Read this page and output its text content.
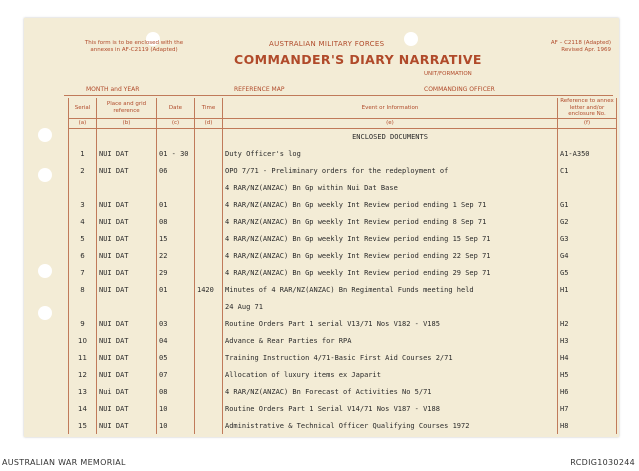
This form is to be enclosed with the annexes in AF-C2119 (Adapted)
AUSTRALIAN MILITARY FORCES
COMMANDER'S DIARY NARRATIVE
UNIT/FORMATION
AF – C2118 (Adapted)
Revised Apr. 1969
MONTH and YEAR	REFERENCE MAP	COMMANDING OFFICER
Serial	Place and grid reference	Date	Time	Event or Information	Reference to annex letter and/or enclosure No.
(a)	(b)	(c)	(d)	(e)	(f)
				ENCLOSED DOCUMENTS	
1	NUI DAT	01 - 30		Duty Officer's log	A1-A350
2	NUI DAT	06		OPO 7/71 - Preliminary orders for the redeployment of	C1
				4 RAR/NZ(ANZAC) Bn Gp within Nui Dat Base	
3	NUI DAT	01		4 RAR/NZ(ANZAC) Bn Gp weekly Int Review period ending 1 Sep 71	G1
4	NUI DAT	08		4 RAR/NZ(ANZAC) Bn Gp weekly Int Review period ending 8 Sep 71	G2
5	NUI DAT	15		4 RAR/NZ(ANZAC) Bn Gp weekly Int Review period ending 15 Sep 71	G3
6	NUI DAT	22		4 RAR/NZ(ANZAC) Bn Gp weekly Int Review period ending 22 Sep 71	G4
7	NUI DAT	29		4 RAR/NZ(ANZAC) Bn Gp weekly Int Review period ending 29 Sep 71	G5
8	NUI DAT	01	1420	Minutes of 4 RAR/NZ(ANZAC) Bn Regimental Funds meeting held	H1
				24 Aug 71	
9	NUI DAT	03		Routine Orders Part 1 serial V13/71 Nos V182 - V185	H2
10	NUI DAT	04		Advance & Rear Parties for RPA	H3
11	NUI DAT	05		Training Instruction 4/71-Basic First Aid Courses 2/71	H4
12	NUI DAT	07		Allocation of luxury items ex Japarit	H5
13	Nui DAT	08		4 RAR/NZ(ANZAC) Bn Forecast of Activities No 5/71	H6
14	NUI DAT	10		Routine Orders Part 1 Serial V14/71 Nos V187 - V188	H7
15	NUI DAT	10		Administrative & Technical Officer Qualifying Courses 1972	H8
AUSTRALIAN WAR MEMORIAL	RCDIG1030244
